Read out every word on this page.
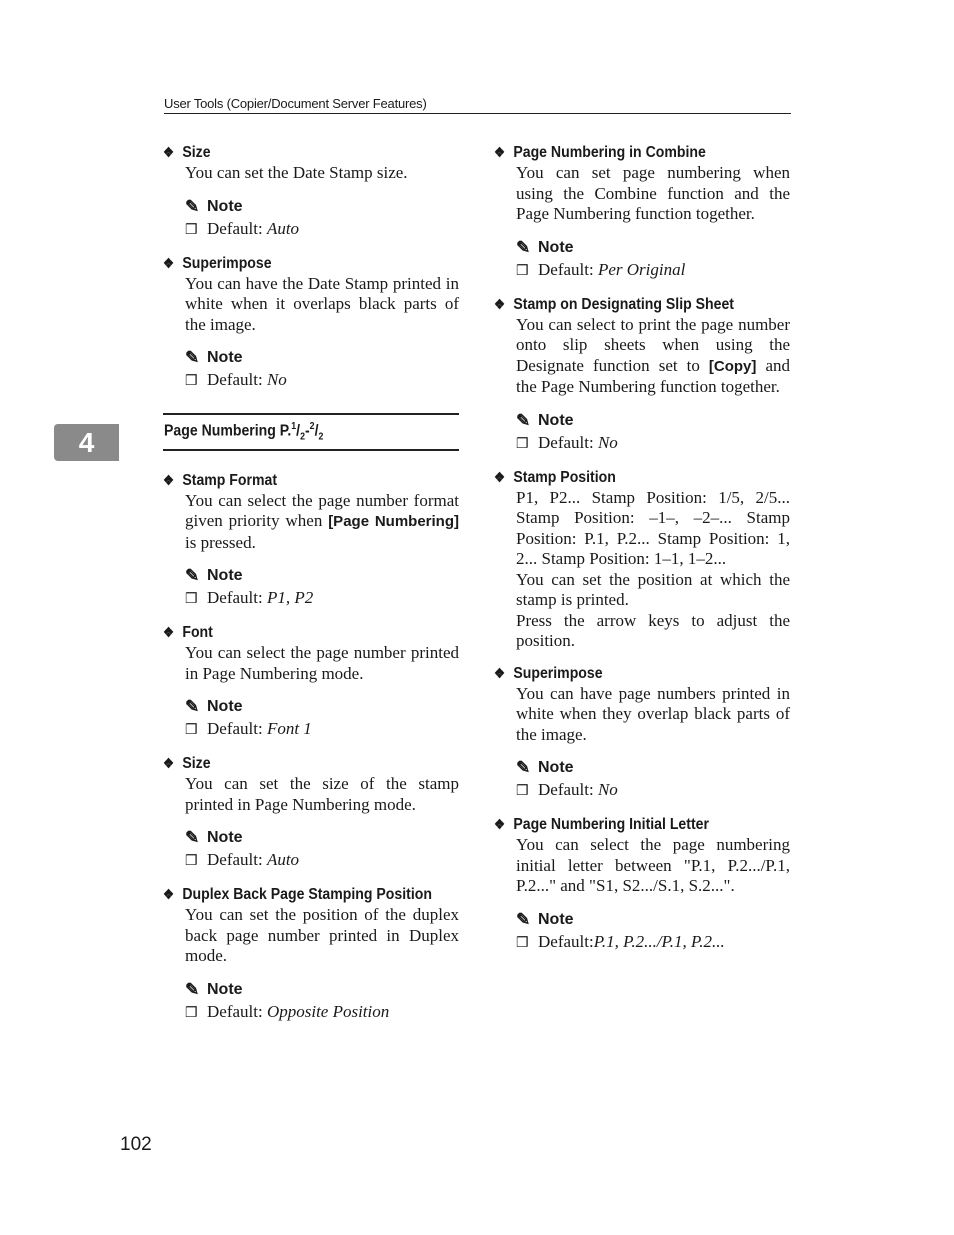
User Tools (Copier/Document Server Features)
4
❖ Size
You can set the Date Stamp size.
✎ Note
❒ Default: Auto
❖ Superimpose
You can have the Date Stamp printed in white when it overlaps black parts of the image.
✎ Note
❒ Default: No
Page Numbering $P.^1/_2-^2/_2$
❖ Stamp Format
You can select the page number format given priority when [Page Numbering] is pressed.
✎ Note
❒ Default: P1, P2
❖ Font
You can select the page number printed in Page Numbering mode.
✎ Note
❒ Default: Font 1
❖ Size
You can set the size of the stamp printed in Page Numbering mode.
✎ Note
❒ Default: Auto
❖ Duplex Back Page Stamping Position
You can set the position of the duplex back page number printed in Duplex mode.
✎ Note
❒ Default: Opposite Position
❖ Page Numbering in Combine
You can set page numbering when using the Combine function and the Page Numbering function together.
✎ Note
❒ Default: Per Original
❖ Stamp on Designating Slip Sheet
You can select to print the page number onto slip sheets when using the Designate function set to [Copy] and the Page Numbering function together.
✎ Note
❒ Default: No
❖ Stamp Position
P1, P2... Stamp Position: 1/5, 2/5... Stamp Position: –1–, –2–... Stamp Position: P.1, P.2... Stamp Position: 1, 2... Stamp Position: 1–1, 1–2...
You can set the position at which the stamp is printed.
Press the arrow keys to adjust the position.
❖ Superimpose
You can have page numbers printed in white when they overlap black parts of the image.
✎ Note
❒ Default: No
❖ Page Numbering Initial Letter
You can select the page numbering initial letter between "P.1, P.2.../P.1, P.2..." and "S1, S2.../S.1, S.2...".
✎ Note
❒ Default:P.1, P.2.../P.1, P.2...
102
